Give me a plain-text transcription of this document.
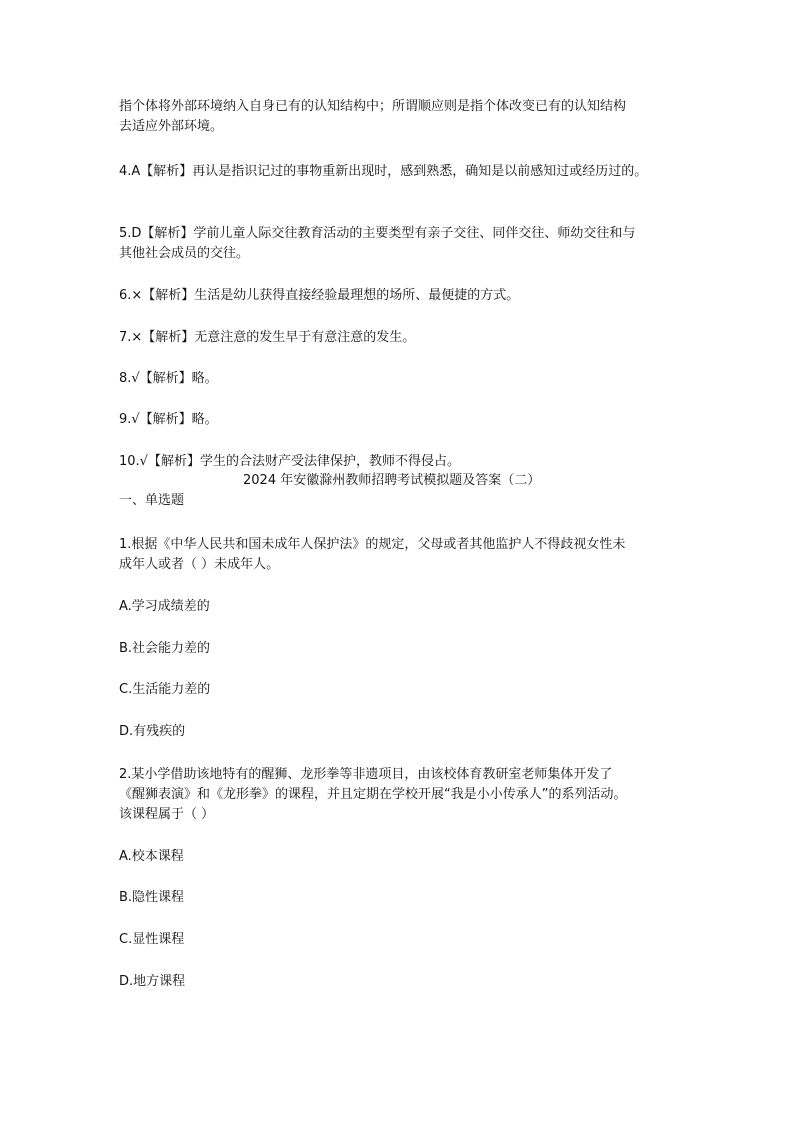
指个体将外部环境纳入自身已有的认知结构中；所谓顺应则是指个体改变已有的认知结构
去适应外部环境。
4.A【解析】再认是指识记过的事物重新出现时，感到熟悉，确知是以前感知过或经历过的。
5.D【解析】学前儿童人际交往教育活动的主要类型有亲子交往、同伴交往、师幼交往和与
其他社会成员的交往。
6.×【解析】生活是幼儿获得直接经验最理想的场所、最便捷的方式。
7.×【解析】无意注意的发生早于有意注意的发生。
8.√【解析】略。
9.√【解析】略。
10.√【解析】学生的合法财产受法律保护，教师不得侵占。
2024 年安徽滁州教师招聘考试模拟题及答案（二）
一、单选题
1.根据《中华人民共和国未成年人保护法》的规定，父母或者其他监护人不得歧视女性未
成年人或者（ ）未成年人。
A.学习成绩差的
B.社会能力差的
C.生活能力差的
D.有残疾的
2.某小学借助该地特有的醒狮、龙形拳等非遗项目，由该校体育教研室老师集体开发了
《醒狮表演》和《龙形拳》的课程，并且定期在学校开展“我是小小传承人”的系列活动。
该课程属于（ ）
A.校本课程
B.隐性课程
C.显性课程
D.地方课程
